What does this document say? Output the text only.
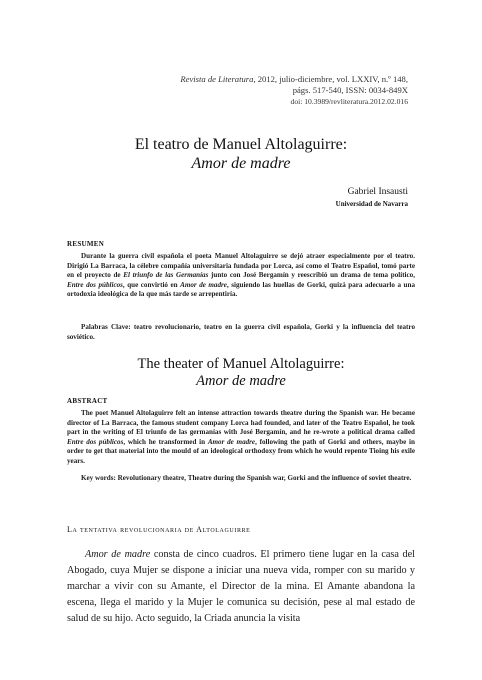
Revista de Literatura, 2012, julio-diciembre, vol. LXXIV, n.º 148,
págs. 517-540, ISSN: 0034-849X
doi: 10.3989/revliteratura.2012.02.016
El teatro de Manuel Altolaguirre:
Amor de madre
Gabriel Insausti
Universidad de Navarra
RESUMEN
Durante la guerra civil española el poeta Manuel Altolaguirre se dejó atraer especialmente por el teatro. Dirigió La Barraca, la célebre compañía universitaria fundada por Lorca, así como el Teatro Español, tomó parte en el proyecto de El triunfo de las Germanías junto con José Bergamín y reescribió un drama de tema político, Entre dos públicos, que convirtió en Amor de madre, siguiendo las huellas de Gorki, quizá para adecuarlo a una ortodoxia ideológica de la que más tarde se arrepentiría.
Palabras Clave: teatro revolucionario, teatro en la guerra civil española, Gorki y la influencia del teatro soviético.
The theater of Manuel Altolaguirre:
Amor de madre
ABSTRACT
The poet Manuel Altolaguirre felt an intense attraction towards theatre during the Spanish war. He became director of La Barraca, the famous student company Lorca had founded, and later of the Teatro Español, he took part in the writing of El triunfo de las germanías with José Bergamín, and he re-wrote a political drama called Entre dos públicos, which he transformed in Amor de madre, following the path of Gorki and others, maybe in order to get that material into the mould of an ideological orthodoxy from which he would repente Tioing his exile years.
Key words: Revolutionary theatre, Theatre during the Spanish war, Gorki and the influence of soviet theatre.
La tentativa revolucionaria de Altolaguirre
Amor de madre consta de cinco cuadros. El primero tiene lugar en la casa del Abogado, cuya Mujer se dispone a iniciar una nueva vida, romper con su marido y marchar a vivir con su Amante, el Director de la mina. El Amante abandona la escena, llega el marido y la Mujer le comunica su decisión, pese al mal estado de salud de su hijo. Acto seguido, la Criada anuncia la visita
